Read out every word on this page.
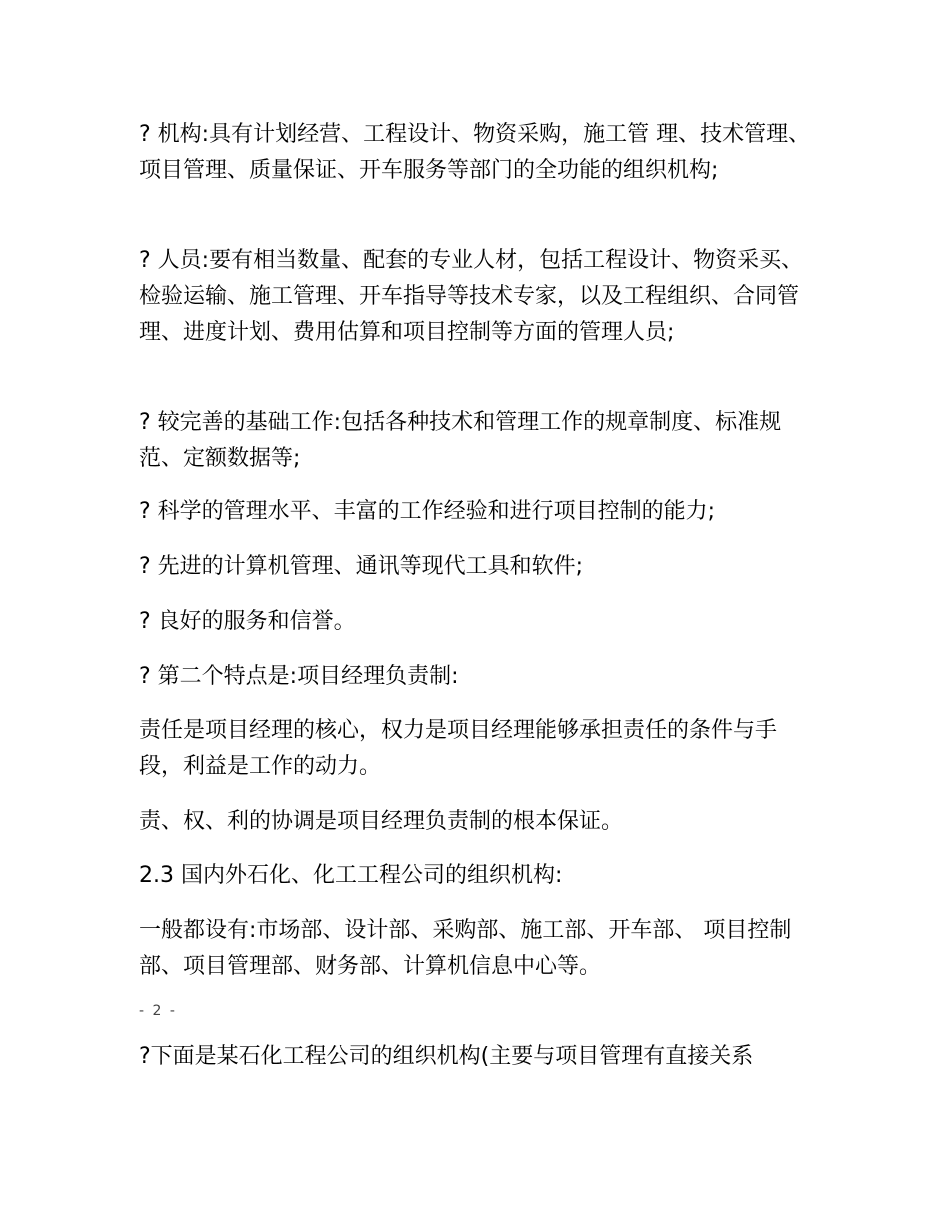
? 机构:具有计划经营、工程设计、物资采购，施工管 理、技术管理、项目管理、质量保证、开车服务等部门的全功能的组织机构;

? 人员:要有相当数量、配套的专业人材，包括工程设计、物资采买、检验运输、施工管理、开车指导等技术专家，以及工程组织、合同管理、进度计划、费用估算和项目控制等方面的管理人员;

? 较完善的基础工作:包括各种技术和管理工作的规章制度、标准规范、定额数据等;

? 科学的管理水平、丰富的工作经验和进行项目控制的能力;

? 先进的计算机管理、通讯等现代工具和软件;

? 良好的服务和信誉。

? 第二个特点是:项目经理负责制:

责任是项目经理的核心，权力是项目经理能够承担责任的条件与手段，利益是工作的动力。

责、权、利的协调是项目经理负责制的根本保证。

2.3 国内外石化、化工工程公司的组织机构:

一般都设有:市场部、设计部、采购部、施工部、开车部、 项目控制部、项目管理部、财务部、计算机信息中心等。

- 2 -

?下面是某石化工程公司的组织机构(主要与项目管理有直接关系
